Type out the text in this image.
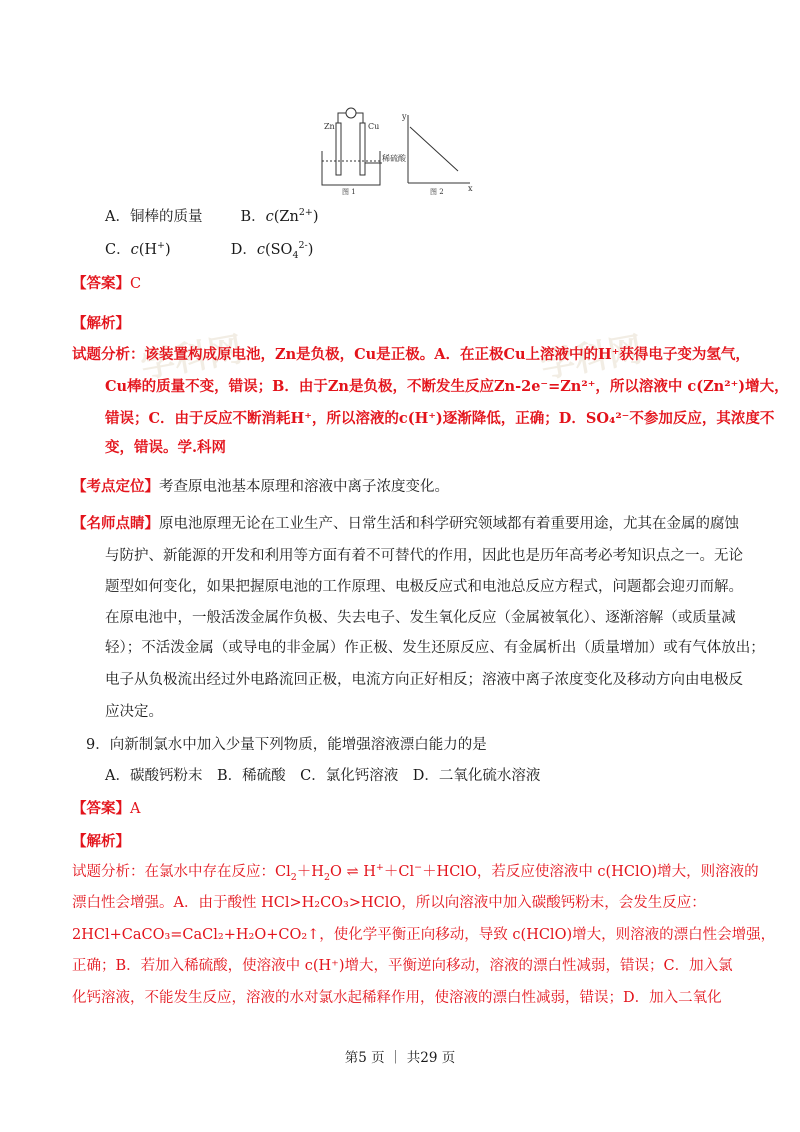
学科网	学科网
Zn	Cu
稀硫酸
图 1	图 2
y
x
A．铜棒的质量	B．$c(Zn^{2+})$
C．c(H+)	D．$c(SO_4^{2-})$
【答案】C
【解析】
试题分析：该装置构成原电池，Zn是负极，Cu是正极。A．在正极Cu上溶液中的H⁺获得电子变为氢气，
Cu棒的质量不变，错误；B．由于Zn是负极，不断发生反应Zn-2e⁻=Zn²⁺，所以溶液中 c(Zn²⁺)增大，
错误；C．由于反应不断消耗H⁺，所以溶液的c(H⁺)逐渐降低，正确；D．SO₄²⁻不参加反应，其浓度不
变，错误。学.科网
【考点定位】考查原电池基本原理和溶液中离子浓度变化。
【名师点睛】原电池原理无论在工业生产、日常生活和科学研究领域都有着重要用途，尤其在金属的腐蚀
与防护、新能源的开发和利用等方面有着不可替代的作用，因此也是历年高考必考知识点之一。无论
题型如何变化，如果把握原电池的工作原理、电极反应式和电池总反应方程式，问题都会迎刃而解。
在原电池中，一般活泼金属作负极、失去电子、发生氧化反应（金属被氧化）、逐渐溶解（或质量减
轻）；不活泼金属（或导电的非金属）作正极、发生还原反应、有金属析出（质量增加）或有气体放出；
电子从负极流出经过外电路流回正极，电流方向正好相反；溶液中离子浓度变化及移动方向由电极反
应决定。
9．向新制氯水中加入少量下列物质，能增强溶液漂白能力的是
A．碳酸钙粉末　B．稀硫酸　C．氯化钙溶液　D．二氧化硫水溶液
【答案】A
【解析】
试题分析：在氯水中存在反应：$Cl_2+H_2O$ ⇌ H+＋Cl−＋HClO，若反应使溶液中 c(HClO)增大，则溶液的
漂白性会增强。A．由于酸性 HCl>H₂CO₃>HClO，所以向溶液中加入碳酸钙粉末，会发生反应：
2HCl+CaCO₃=CaCl₂+H₂O+CO₂↑，使化学平衡正向移动，导致 c(HClO)增大，则溶液的漂白性会增强，
正确；B．若加入稀硫酸，使溶液中 c(H⁺)增大，平衡逆向移动，溶液的漂白性减弱，错误；C．加入氯
化钙溶液，不能发生反应，溶液的水对氯水起稀释作用，使溶液的漂白性减弱，错误；D．加入二氧化
第5 页 ｜ 共29 页
